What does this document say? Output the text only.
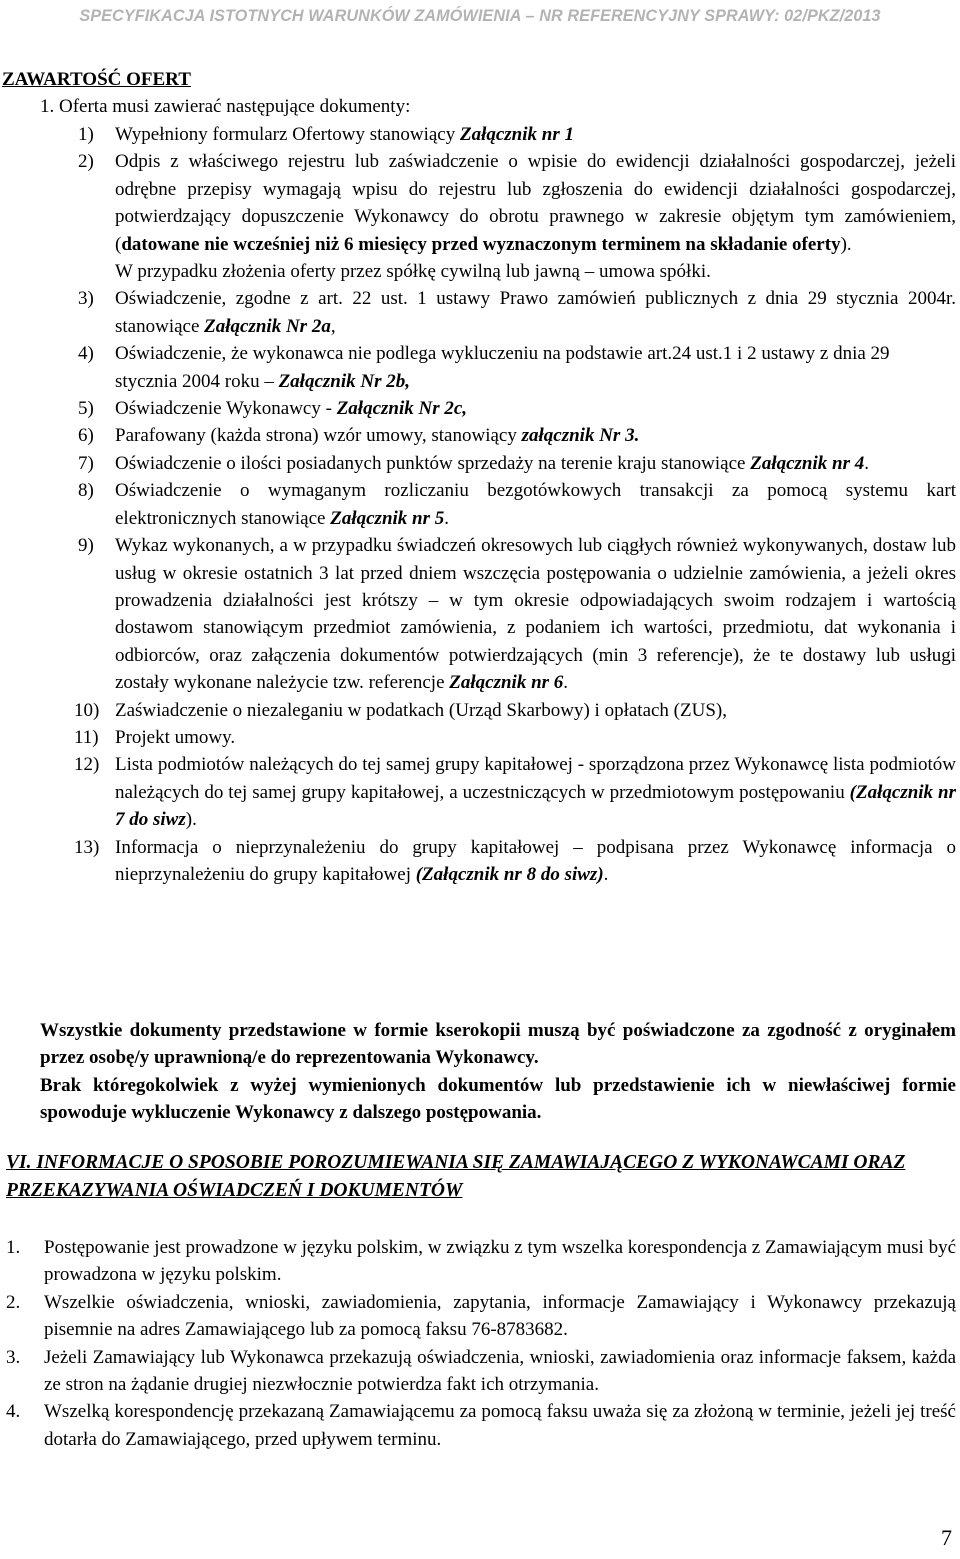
SPECYFIKACJA ISTOTNYCH WARUNKÓW ZAMÓWIENIA – NR REFERENCYJNY SPRAWY: 02/PKZ/2013
ZAWARTOŚĆ OFERT

1. Oferta musi zawierać następujące dokumenty:

1) Wypełniony formularz Ofertowy stanowiący Załącznik nr 1
2) Odpis z właściwego rejestru lub zaświadczenie o wpisie do ewidencji działalności gospodarczej, jeżeli odrębne przepisy wymagają wpisu do rejestru lub zgłoszenia do ewidencji działalności gospodarczej, potwierdzający dopuszczenie Wykonawcy do obrotu prawnego w zakresie objętym tym zamówieniem, (datowane nie wcześniej niż 6 miesięcy przed wyznaczonym terminem na składanie oferty).
W przypadku złożenia oferty przez spółkę cywilną lub jawną – umowa spółki.
3) Oświadczenie, zgodne z art. 22 ust. 1 ustawy Prawo zamówień publicznych z dnia 29 stycznia 2004r. stanowiące Załącznik Nr 2a,
4) Oświadczenie, że wykonawca nie podlega wykluczeniu na podstawie art.24 ust.1 i 2 ustawy z dnia 29 stycznia 2004 roku – Załącznik Nr 2b,
5) Oświadczenie Wykonawcy - Załącznik Nr 2c,
6) Parafowany (każda strona) wzór umowy, stanowiący załącznik Nr 3.
7) Oświadczenie o ilości posiadanych punktów sprzedaży na terenie kraju stanowiące Załącznik nr 4.
8) Oświadczenie o wymaganym rozliczaniu bezgotówkowych transakcji za pomocą systemu kart elektronicznych stanowiące Załącznik nr 5.
9) Wykaz wykonanych, a w przypadku świadczeń okresowych lub ciągłych również wykonywanych, dostaw lub usług w okresie ostatnich 3 lat przed dniem wszczęcia postępowania o udzielnie zamówienia, a jeżeli okres prowadzenia działalności jest krótszy – w tym okresie odpowiadających swoim rodzajem i wartością dostawom stanowiącym przedmiot zamówienia, z podaniem ich wartości, przedmiotu, dat wykonania i odbiorców, oraz załączenia dokumentów potwierdzających (min 3 referencje), że te dostawy lub usługi zostały wykonane należycie tzw. referencje Załącznik nr 6.
10) Zaświadczenie o niezaleganiu w podatkach (Urząd Skarbowy) i opłatach (ZUS),
11) Projekt umowy.
12) Lista podmiotów należących do tej samej grupy kapitałowej - sporządzona przez Wykonawcę lista podmiotów należących do tej samej grupy kapitałowej, a uczestniczących w przedmiotowym postępowaniu (Załącznik nr 7 do siwz).
13) Informacja o nieprzynależeniu do grupy kapitałowej – podpisana przez Wykonawcę informacja o nieprzynależeniu do grupy kapitałowej (Załącznik nr 8 do siwz).
Wszystkie dokumenty przedstawione w formie kserokopii muszą być poświadczone za zgodność z oryginałem przez osobę/y uprawnioną/e do reprezentowania Wykonawcy.
Brak któregokolwiek z wyżej wymienionych dokumentów lub przedstawienie ich w niewłaściwej formie spowoduje wykluczenie Wykonawcy z dalszego postępowania.
VI. INFORMACJE O SPOSOBIE POROZUMIEWANIA SIĘ ZAMAWIAJĄCEGO Z WYKONAWCAMI ORAZ PRZEKAZYWANIA OŚWIADCZEŃ I DOKUMENTÓW
1. Postępowanie jest prowadzone w języku polskim, w związku z tym wszelka korespondencja z Zamawiającym musi być prowadzona w języku polskim.
2. Wszelkie oświadczenia, wnioski, zawiadomienia, zapytania, informacje Zamawiający i Wykonawcy przekazują pisemnie na adres Zamawiającego lub za pomocą faksu 76-8783682.
3. Jeżeli Zamawiający lub Wykonawca przekazują oświadczenia, wnioski, zawiadomienia oraz informacje faksem, każda ze stron na żądanie drugiej niezwłocznie potwierdza fakt ich otrzymania.
4. Wszelką korespondencję przekazaną Zamawiającemu za pomocą faksu uważa się za złożoną w terminie, jeżeli jej treść dotarła do Zamawiającego, przed upływem terminu.
7
